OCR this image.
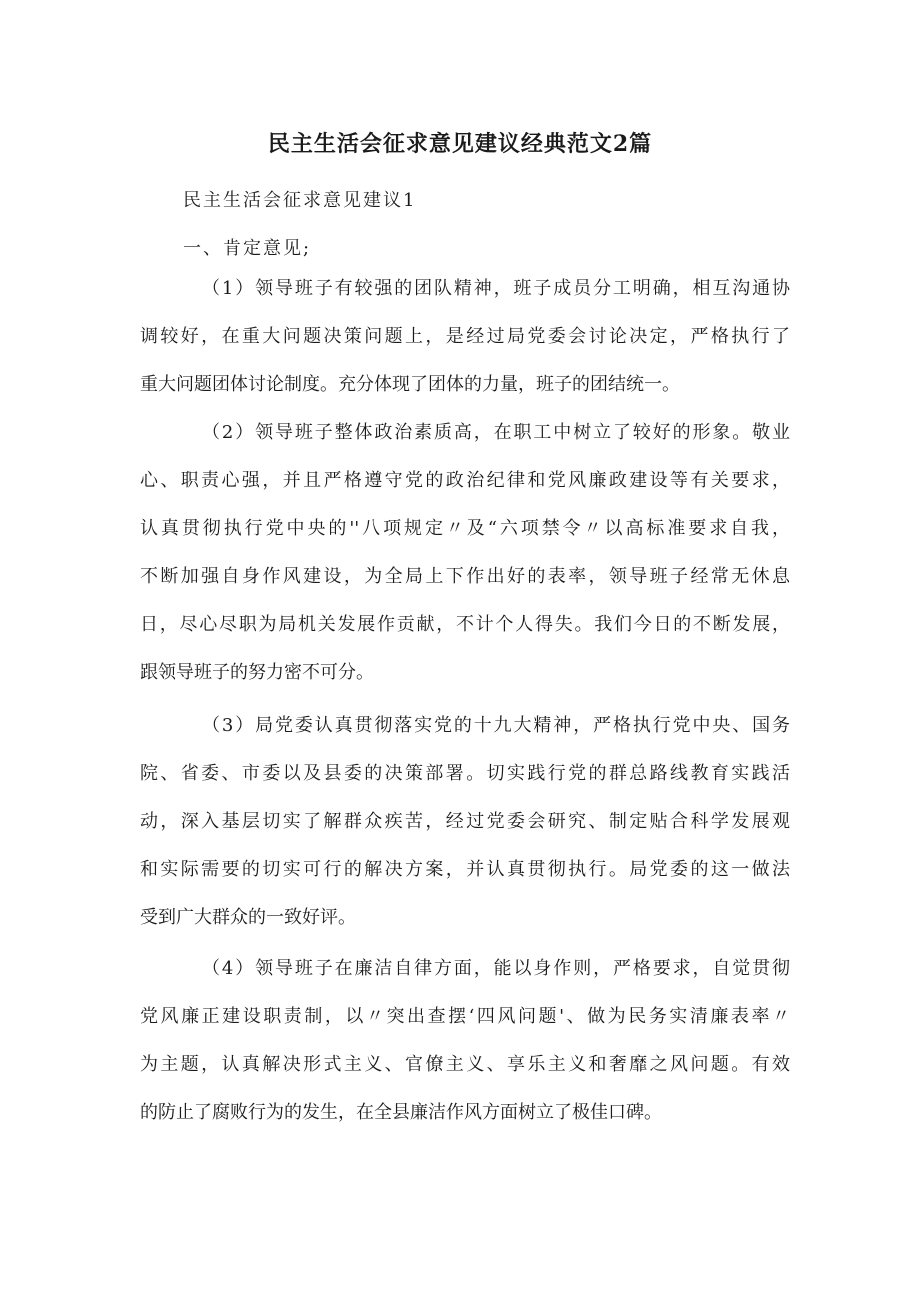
民主生活会征求意见建议经典范文2篇

民主生活会征求意见建议1

一、肯定意见;

（1）领导班子有较强的团队精神，班子成员分工明确，相互沟通协
调较好，在重大问题决策问题上，是经过局党委会讨论决定，严格执行了
重大问题团体讨论制度。充分体现了团体的力量，班子的团结统一。
（2）领导班子整体政治素质高，在职工中树立了较好的形象。敬业
心、职责心强，并且严格遵守党的政治纪律和党风廉政建设等有关要求，
认真贯彻执行党中央的''八项规定〃及“六项禁令〃以高标准要求自我，
不断加强自身作风建设，为全局上下作出好的表率，领导班子经常无休息
日，尽心尽职为局机关发展作贡献，不计个人得失。我们今日的不断发展，
跟领导班子的努力密不可分。
（3）局党委认真贯彻落实党的十九大精神，严格执行党中央、国务
院、省委、市委以及县委的决策部署。切实践行党的群总路线教育实践活
动，深入基层切实了解群众疾苦，经过党委会研究、制定贴合科学发展观
和实际需要的切实可行的解决方案，并认真贯彻执行。局党委的这一做法
受到广大群众的一致好评。
（4）领导班子在廉洁自律方面，能以身作则，严格要求，自觉贯彻
党风廉正建设职责制，以〃突出查摆‘四风问题'、做为民务实清廉表率〃
为主题，认真解决形式主义、官僚主义、享乐主义和奢靡之风问题。有效
的防止了腐败行为的发生，在全县廉洁作风方面树立了极佳口碑。
